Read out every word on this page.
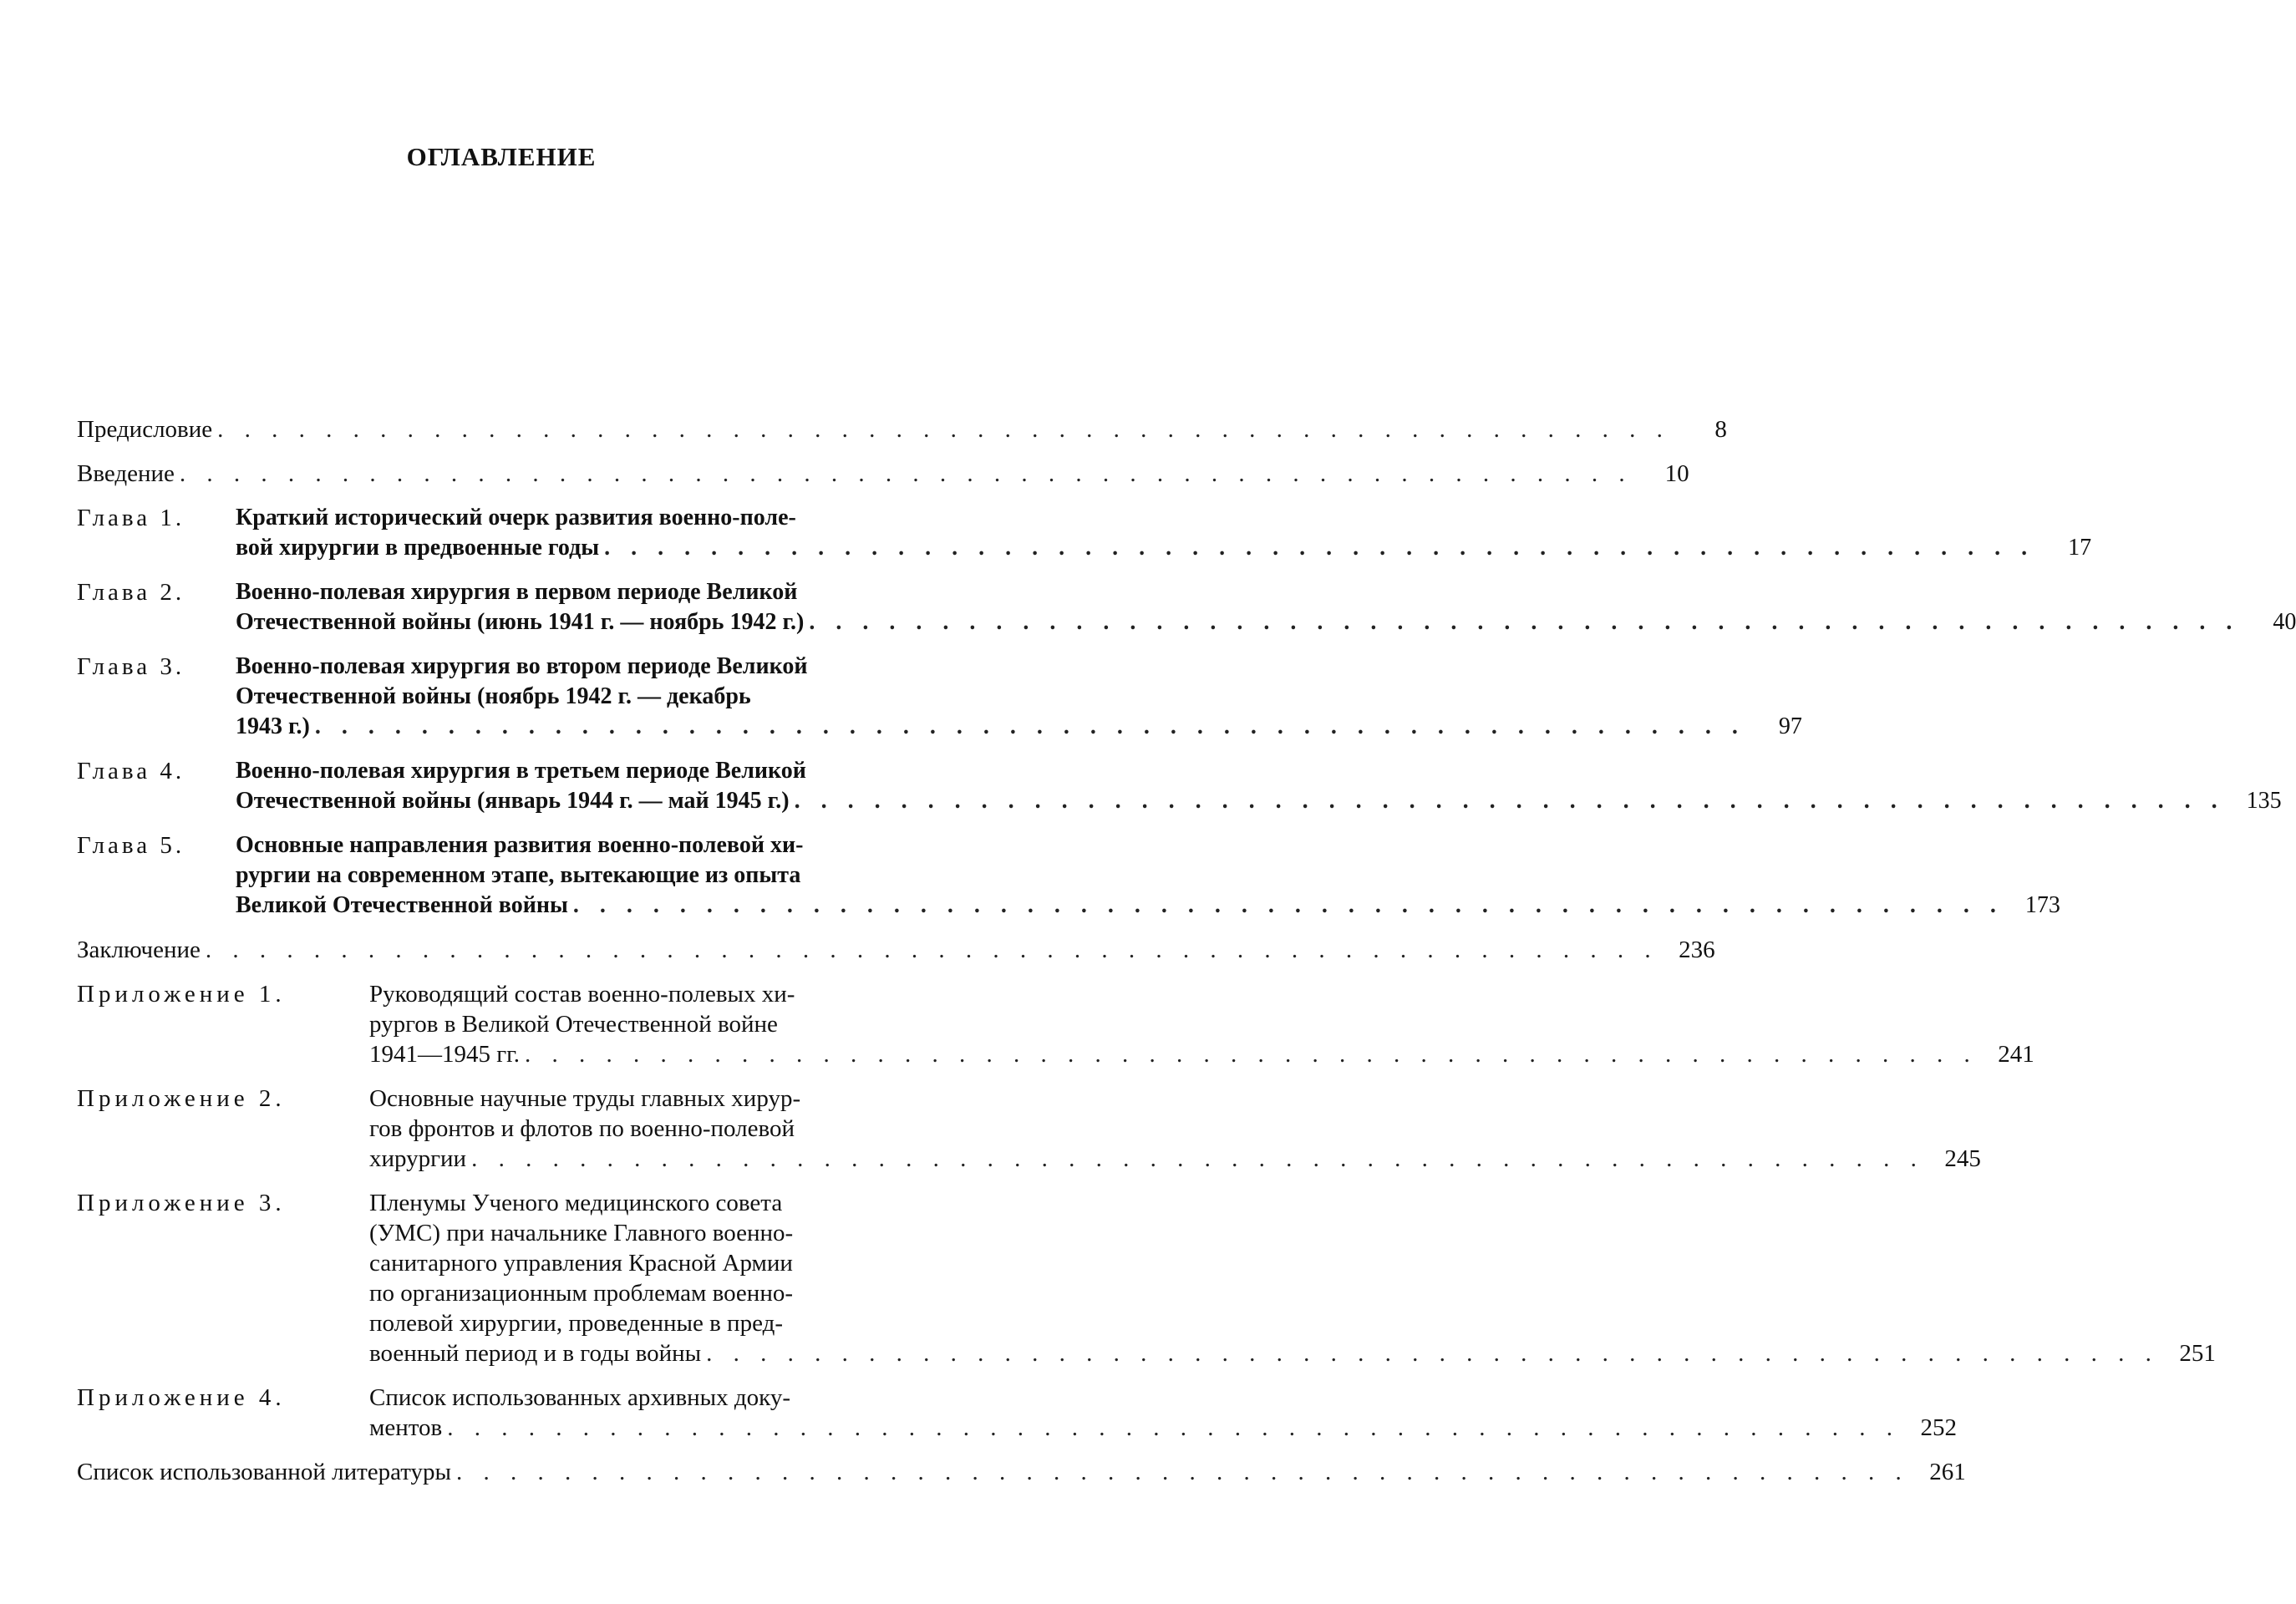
ОГЛАВЛЕНИЕ
Предисловие . . . . . . . . . . . . . . . . . . . . . . . . . . . . . . . . . . . . . . . . . . . . . . . . . . . . . .	8
Введение . . . . . . . . . . . . . . . . . . . . . . . . . . . . . . . . . . . . . . . . . . . . . . . . . . . . . .	10
Глава 1.	Краткий исторический очерк развития военно-поле-
вой хирургии в предвоенные годы . . . . . . . . . . . . . . . . . . . . . . . . . . . . . . . . . . . . . . . . . . . . . . . . . . . . . .	17
Глава 2.	Военно-полевая хирургия в первом периоде Великой
Отечественной войны (июнь 1941 г. — ноябрь 1942 г.) . . . . . . . . . . . . . . . . . . . . . . . . . . . . . . . . . . . . . . . . . . . . . . . . . . . . . .	40
Глава 3.	Военно-полевая хирургия во втором периоде Великой
Отечественной войны (ноябрь 1942 г. — декабрь
1943 г.) . . . . . . . . . . . . . . . . . . . . . . . . . . . . . . . . . . . . . . . . . . . . . . . . . . . . . .	97
Глава 4.	Военно-полевая хирургия в третьем периоде Великой
Отечественной войны (январь 1944 г. — май 1945 г.) . . . . . . . . . . . . . . . . . . . . . . . . . . . . . . . . . . . . . . . . . . . . . . . . . . . . . . 135
Глава 5.	Основные направления развития военно-полевой хи-
рургии на современном этапе, вытекающие из опыта
Великой Отечественной войны . . . . . . . . . . . . . . . . . . . . . . . . . . . . . . . . . . . . . . . . . . . . . . . . . . . . . . 173
Заключение . . . . . . . . . . . . . . . . . . . . . . . . . . . . . . . . . . . . . . . . . . . . . . . . . . . . . . 236
Приложение 1.	Руководящий состав военно-полевых хи-
рургов в Великой Отечественной войне
1941—1945 гг. . . . . . . . . . . . . . . . . . . . . . . . . . . . . . . . . . . . . . . . . . . . . . . . . . . . . . . 241
Приложение 2.	Основные научные труды главных хирур-
гов фронтов и флотов по военно-полевой
хирургии . . . . . . . . . . . . . . . . . . . . . . . . . . . . . . . . . . . . . . . . . . . . . . . . . . . . . . 245
Приложение 3.	Пленумы Ученого медицинского совета
(УМС) при начальнике Главного военно-
санитарного управления Красной Армии
по организационным проблемам военно-
полевой хирургии, проведенные в пред-
военный период и в годы войны . . . . . . . . . . . . . . . . . . . . . . . . . . . . . . . . . . . . . . . . . . . . . . . . . . . . . . 251
Приложение 4.	Список использованных архивных доку-
ментов . . . . . . . . . . . . . . . . . . . . . . . . . . . . . . . . . . . . . . . . . . . . . . . . . . . . . . 252
Список использованной литературы . . . . . . . . . . . . . . . . . . . . . . . . . . . . . . . . . . . . . . . . . . . . . . . . . . . . . . 261
